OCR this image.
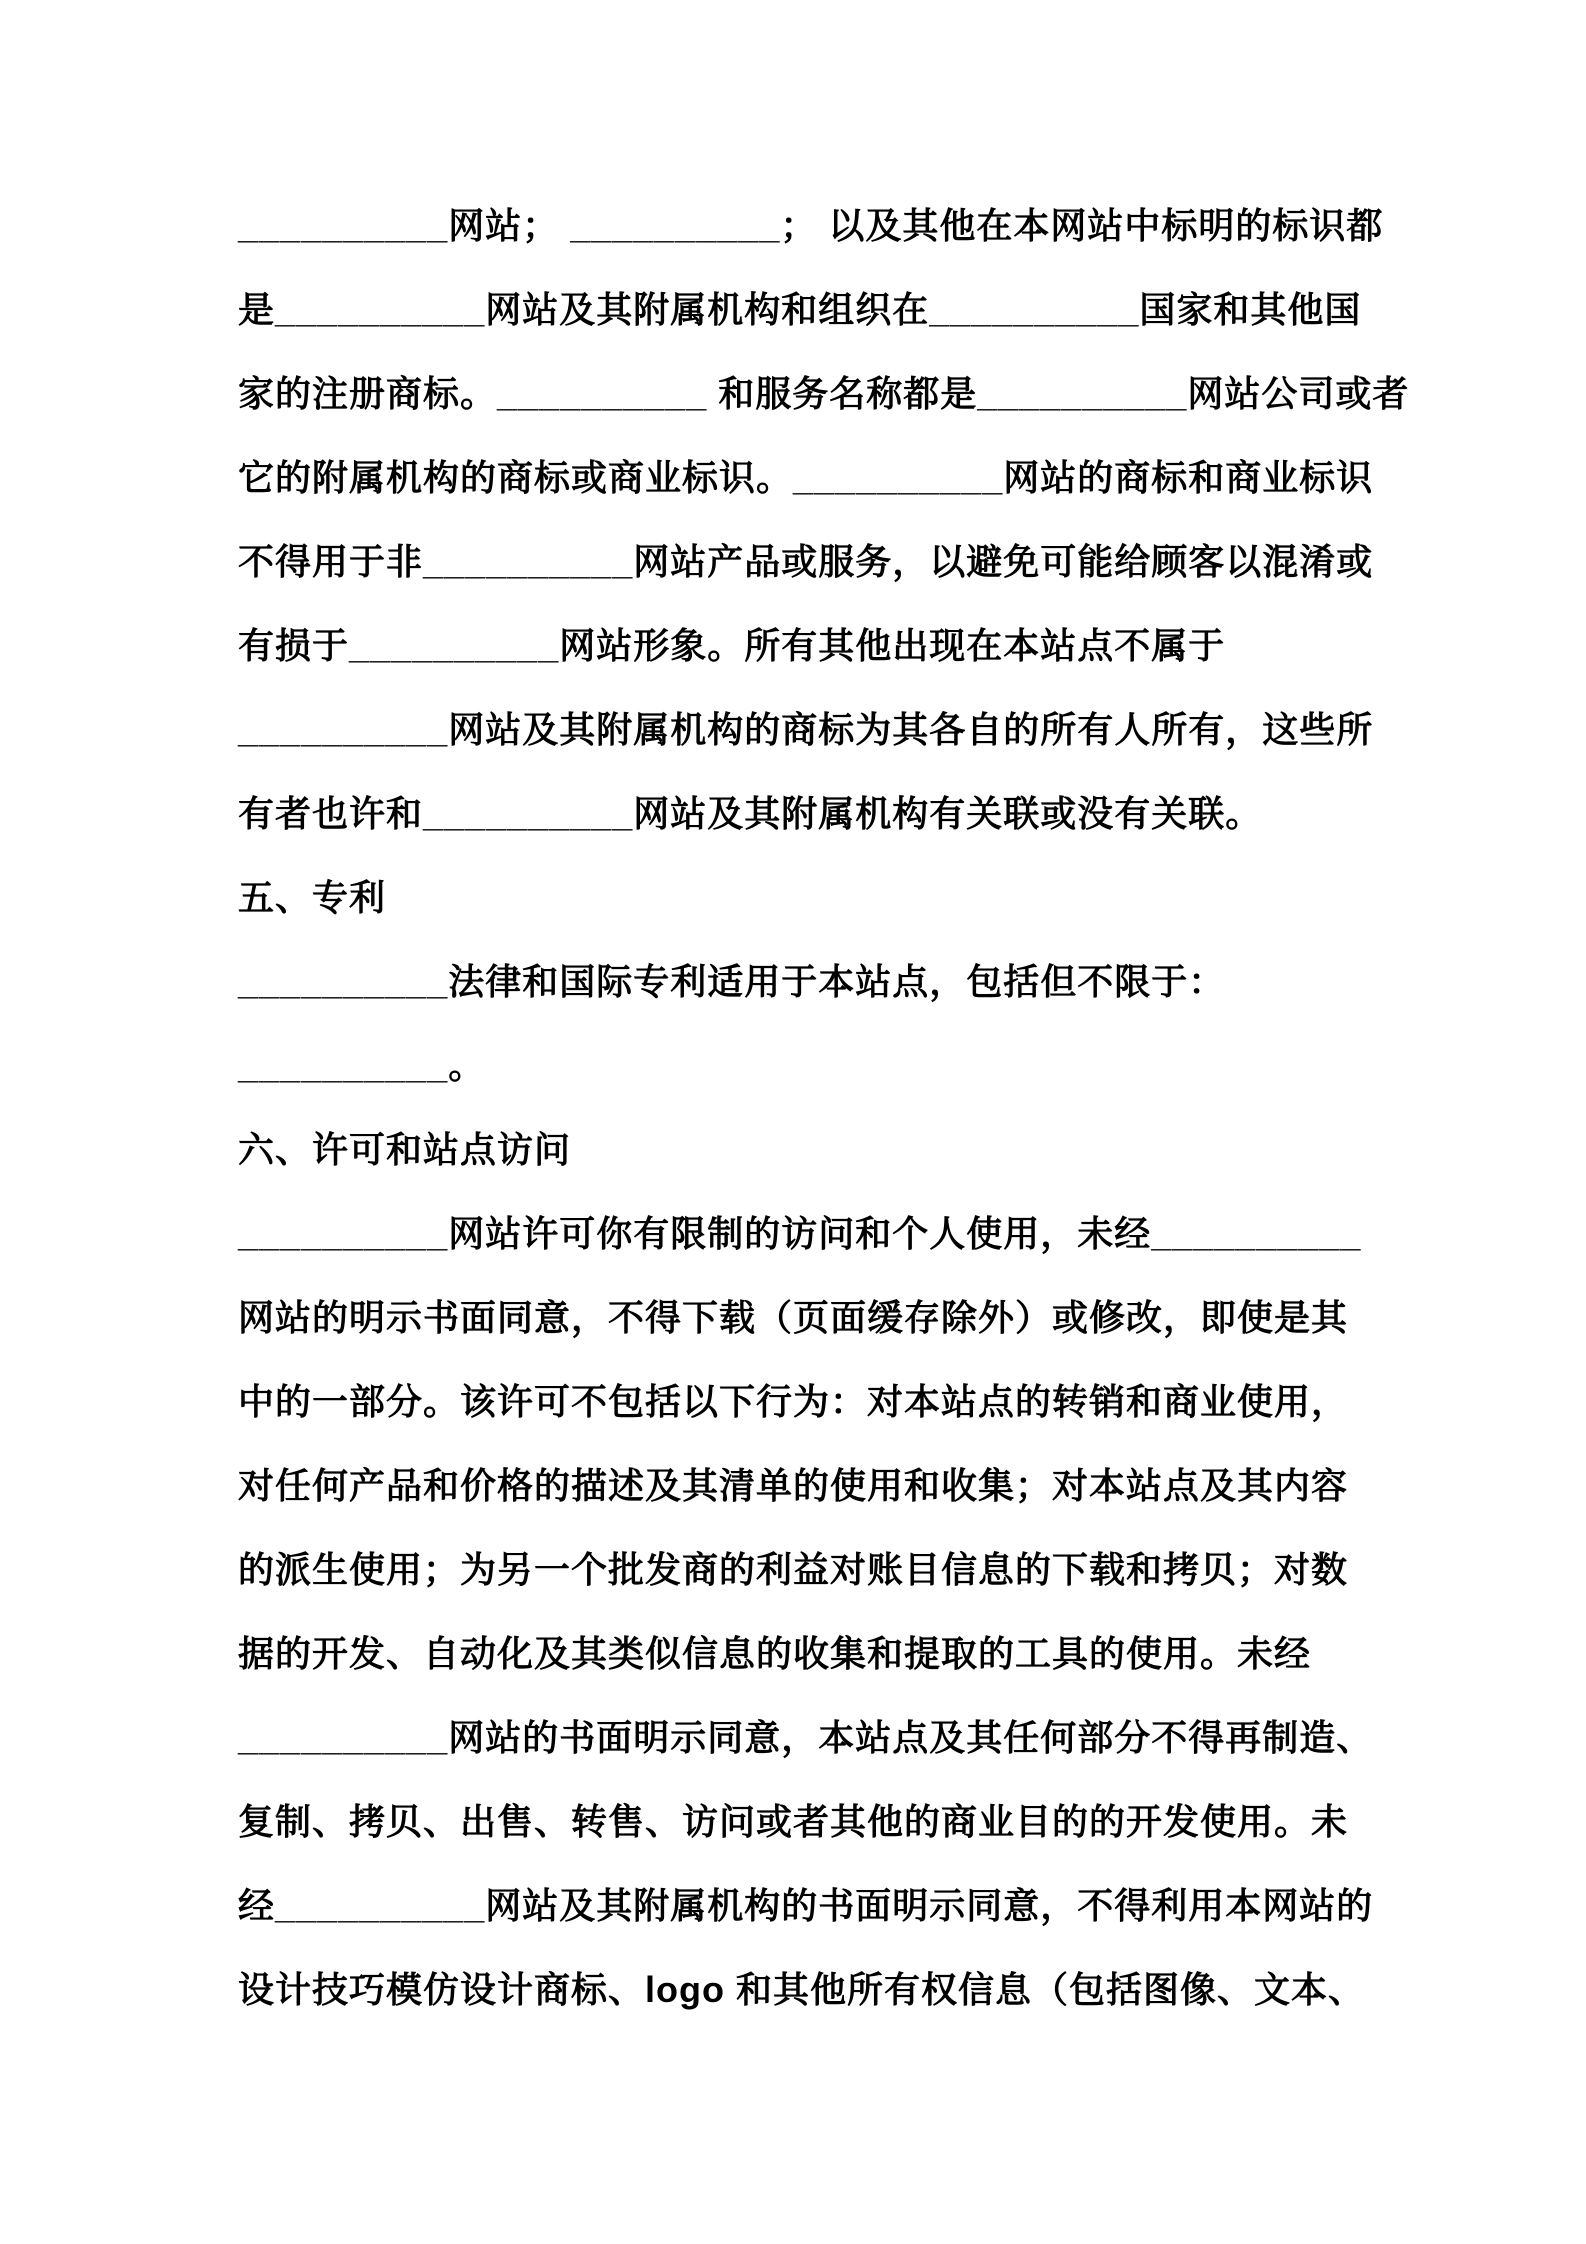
__________网站； __________； 以及其他在本网站中标明的标识都

是__________网站及其附属机构和组织在__________国家和其他国

家的注册商标。__________ 和服务名称都是__________网站公司或者

它的附属机构的商标或商业标识。__________网站的商标和商业标识

不得用于非__________网站产品或服务，以避免可能给顾客以混淆或

有损于__________网站形象。所有其他出现在本站点不属于

__________网站及其附属机构的商标为其各自的所有人所有，这些所

有者也许和__________网站及其附属机构有关联或没有关联。

五、专利

__________法律和国际专利适用于本站点，包括但不限于：

__________。

六、许可和站点访问

__________网站许可你有限制的访问和个人使用，未经__________

网站的明示书面同意，不得下载（页面缓存除外）或修改，即使是其

中的一部分。该许可不包括以下行为：对本站点的转销和商业使用，

对任何产品和价格的描述及其清单的使用和收集；对本站点及其内容

的派生使用；为另一个批发商的利益对账目信息的下载和拷贝；对数

据的开发、自动化及其类似信息的收集和提取的工具的使用。未经

__________网站的书面明示同意，本站点及其任何部分不得再制造、

复制、拷贝、出售、转售、访问或者其他的商业目的的开发使用。未

经__________网站及其附属机构的书面明示同意，不得利用本网站的

设计技巧模仿设计商标、logo 和其他所有权信息（包括图像、文本、
